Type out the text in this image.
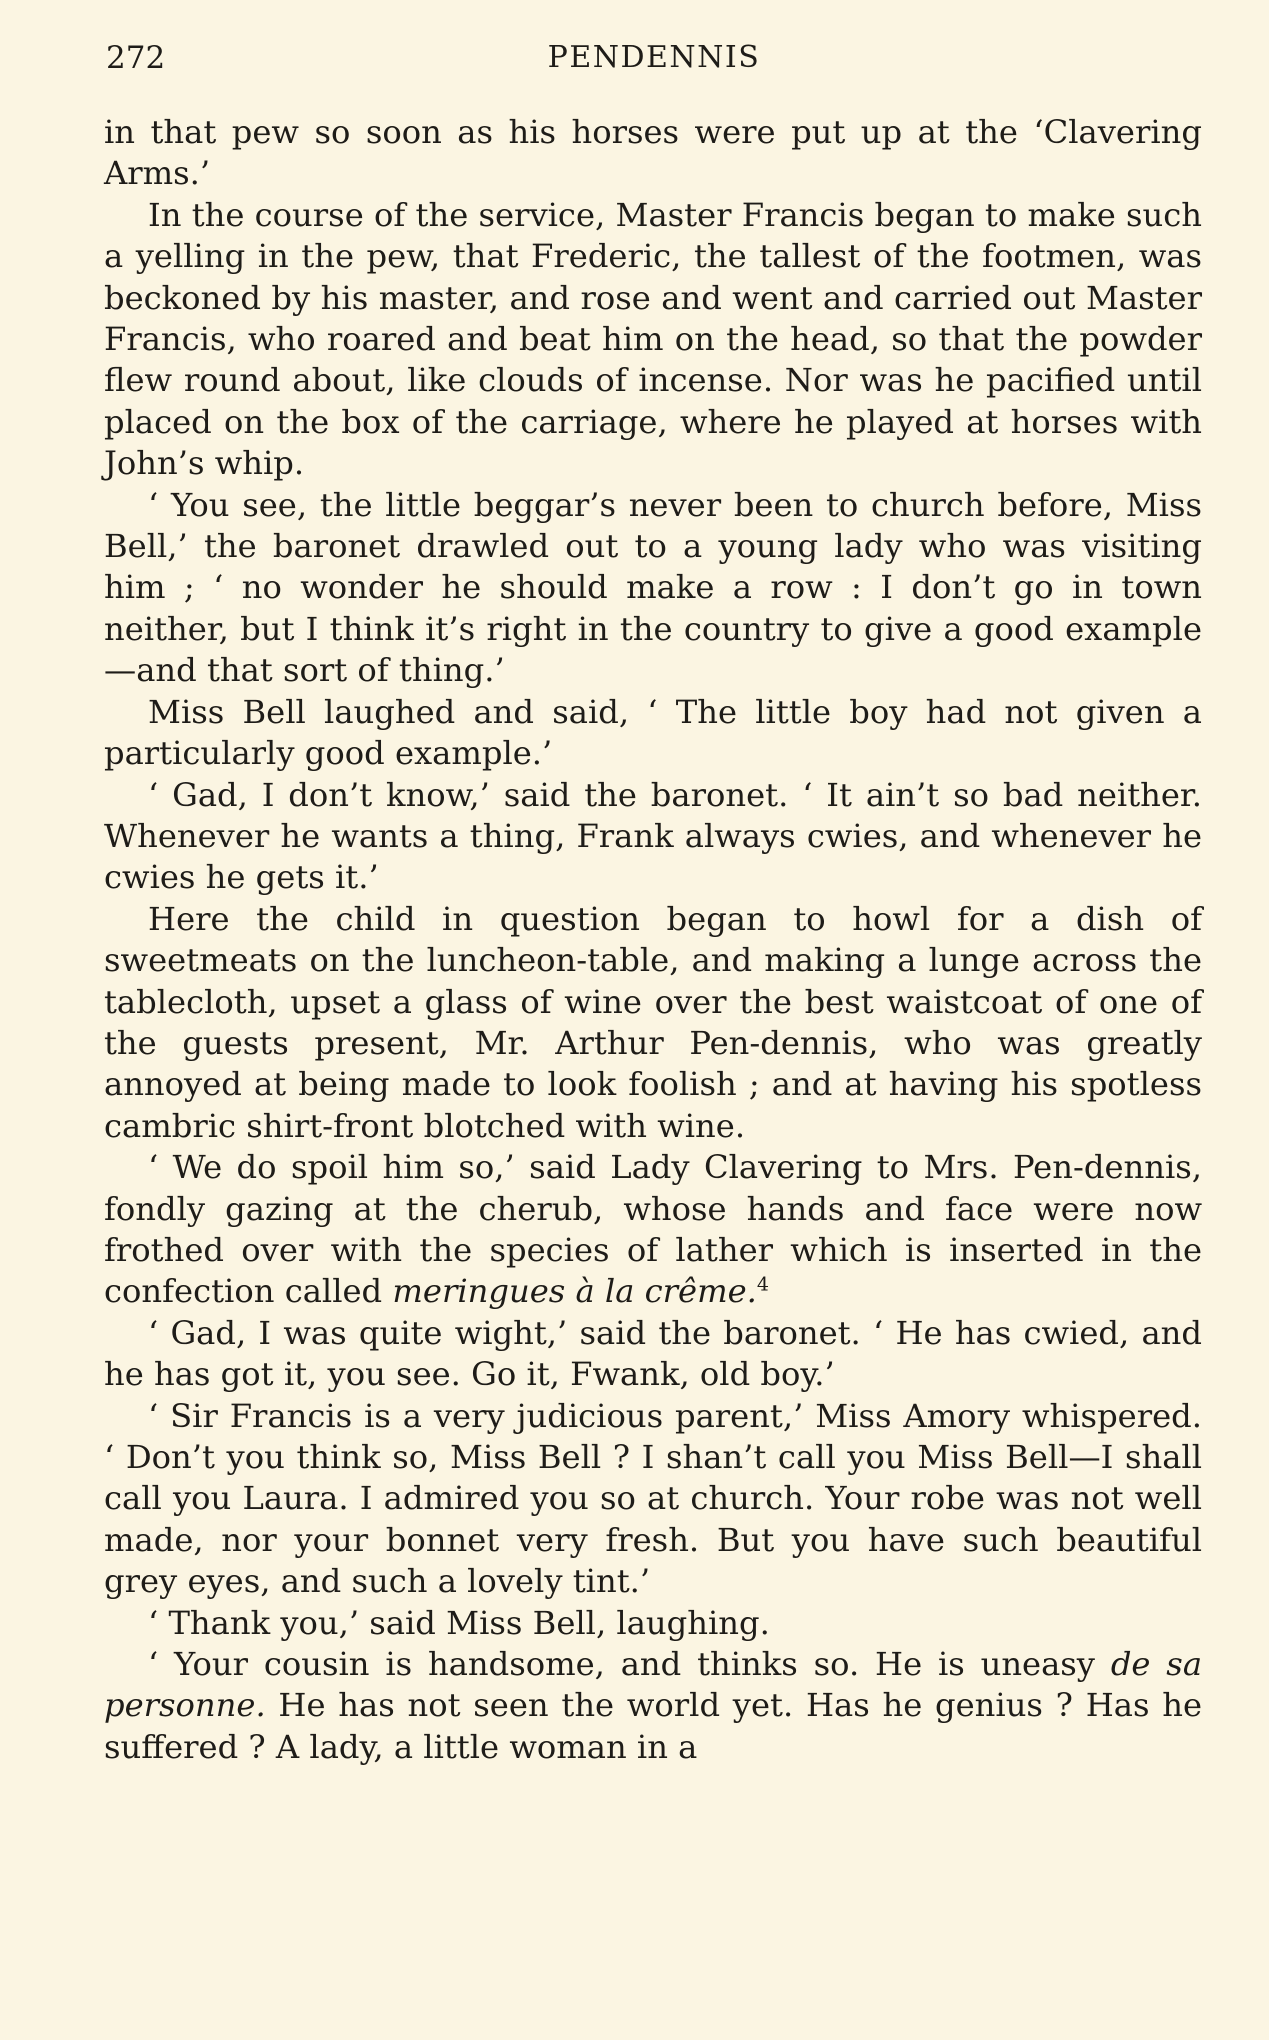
272	PENDENNIS

in that pew so soon as his horses were put up at the ‘Clavering Arms.’

In the course of the service, Master Francis began to make such a yelling in the pew, that Frederic, the tallest of the footmen, was beckoned by his master, and rose and went and carried out Master Francis, who roared and beat him on the head, so that the powder flew round about, like clouds of incense. Nor was he pacified until placed on the box of the carriage, where he played at horses with John’s whip.

‘ You see, the little beggar’s never been to church before, Miss Bell,’ the baronet drawled out to a young lady who was visiting him ; ‘ no wonder he should make a row : I don’t go in town neither, but I think it’s right in the country to give a good example—and that sort of thing.’

Miss Bell laughed and said, ‘ The little boy had not given a particularly good example.’

‘ Gad, I don’t know,’ said the baronet. ‘ It ain’t so bad neither. Whenever he wants a thing, Frank always cwies, and whenever he cwies he gets it.’

Here the child in question began to howl for a dish of sweetmeats on the luncheon-table, and making a lunge across the tablecloth, upset a glass of wine over the best waistcoat of one of the guests present, Mr. Arthur Pen-dennis, who was greatly annoyed at being made to look foolish ; and at having his spotless cambric shirt-front blotched with wine.

‘ We do spoil him so,’ said Lady Clavering to Mrs. Pen-dennis, fondly gazing at the cherub, whose hands and face were now frothed over with the species of lather which is inserted in the confection called meringues à la crême.$^4$

‘ Gad, I was quite wight,’ said the baronet. ‘ He has cwied, and he has got it, you see. Go it, Fwank, old boy.’

‘ Sir Francis is a very judicious parent,’ Miss Amory whispered. ‘ Don’t you think so, Miss Bell ? I shan’t call you Miss Bell—I shall call you Laura. I admired you so at church. Your robe was not well made, nor your bonnet very fresh. But you have such beautiful grey eyes, and such a lovely tint.’

‘ Thank you,’ said Miss Bell, laughing.

‘ Your cousin is handsome, and thinks so. He is uneasy de sa personne. He has not seen the world yet. Has he genius ? Has he suffered ? A lady, a little woman in a
